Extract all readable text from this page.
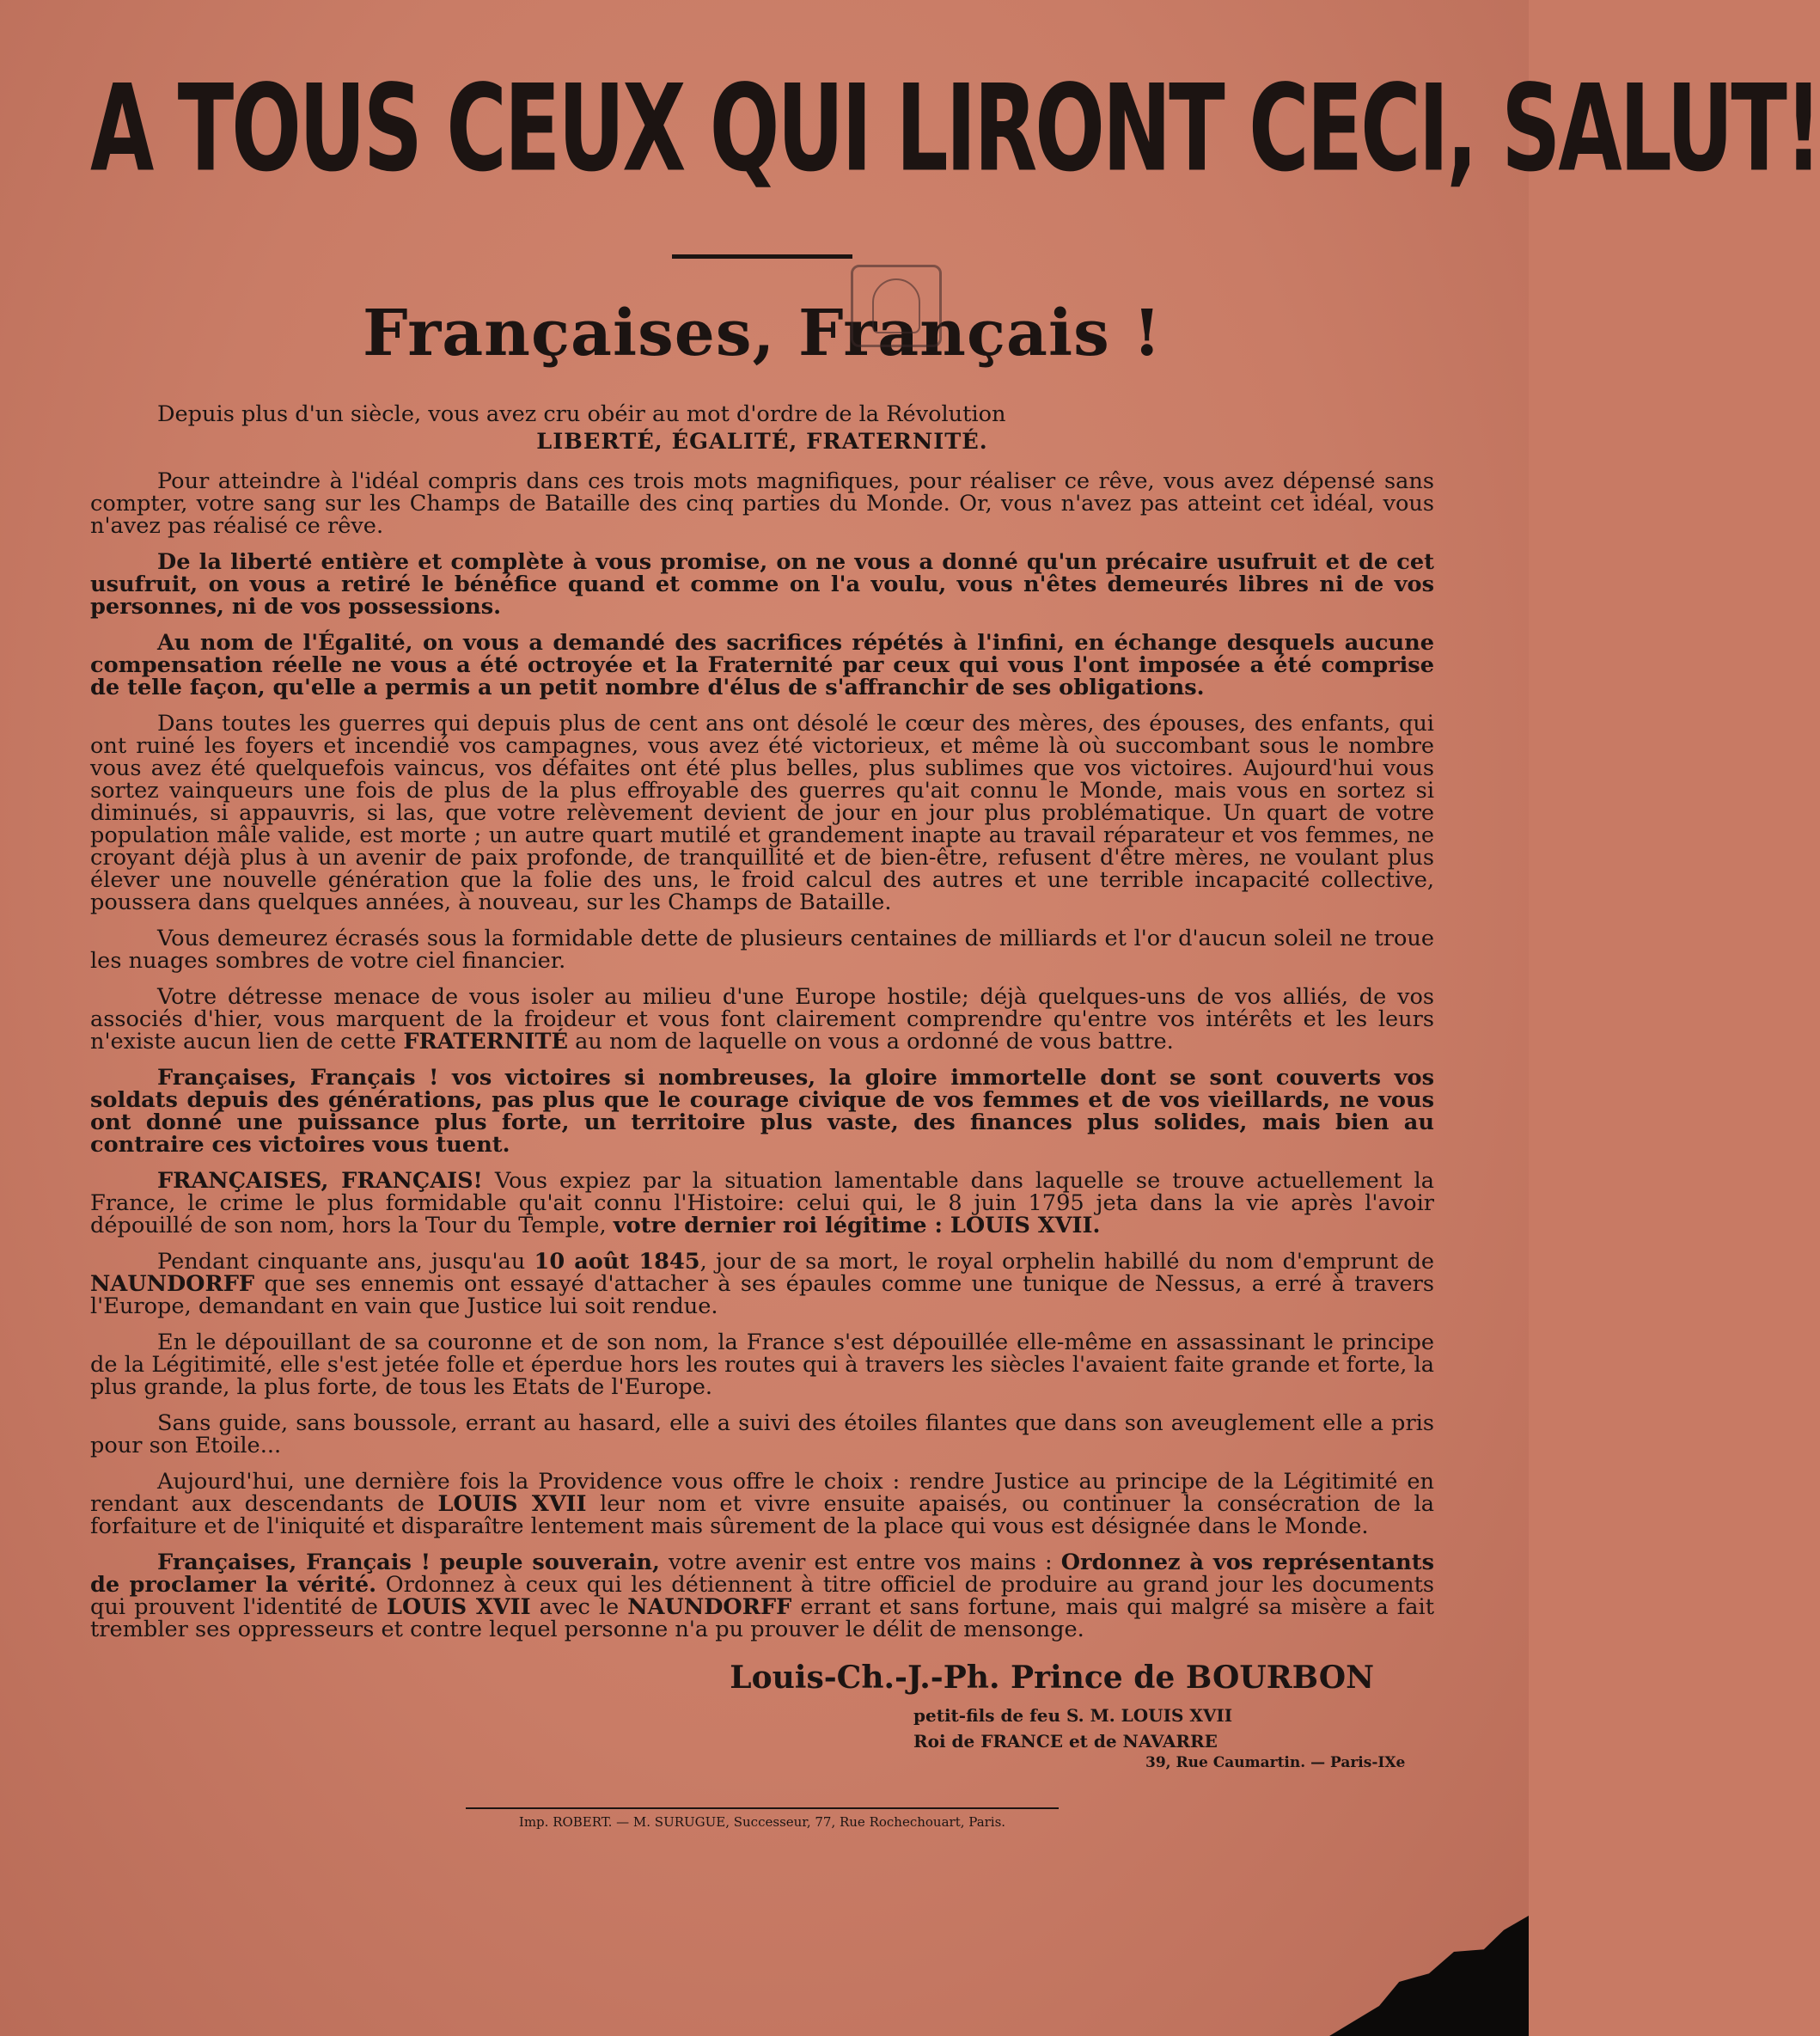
A TOUS CEUX QUI LIRONT CECI, SALUT!
Françaises, Français !

Depuis plus d'un siècle, vous avez cru obéir au mot d'ordre de la Révolution

LIBERTÉ, ÉGALITÉ, FRATERNITÉ.

Pour atteindre à l'idéal compris dans ces trois mots magnifiques, pour réaliser ce rêve, vous avez dépensé sans compter, votre sang sur les Champs de Bataille des cinq parties du Monde. Or, vous n'avez pas atteint cet idéal, vous n'avez pas réalisé ce rêve.

De la liberté entière et complète à vous promise, on ne vous a donné qu'un précaire usufruit et de cet usufruit, on vous a retiré le bénéfice quand et comme on l'a voulu, vous n'êtes demeurés libres ni de vos personnes, ni de vos possessions.

Au nom de l'Égalité, on vous a demandé des sacrifices répétés à l'infini, en échange desquels aucune compensation réelle ne vous a été octroyée et la Fraternité par ceux qui vous l'ont imposée a été comprise de telle façon, qu'elle a permis a un petit nombre d'élus de s'affranchir de ses obligations.

Dans toutes les guerres qui depuis plus de cent ans ont désolé le cœur des mères, des épouses, des enfants, qui ont ruiné les foyers et incendié vos campagnes, vous avez été victorieux, et même là où succombant sous le nombre vous avez été quelquefois vaincus, vos défaites ont été plus belles, plus sublimes que vos victoires. Aujourd'hui vous sortez vainqueurs une fois de plus de la plus effroyable des guerres qu'ait connu le Monde, mais vous en sortez si diminués, si appauvris, si las, que votre relèvement devient de jour en jour plus problématique. Un quart de votre population mâle valide, est morte ; un autre quart mutilé et grandement inapte au travail réparateur et vos femmes, ne croyant déjà plus à un avenir de paix profonde, de tranquillité et de bien-être, refusent d'être mères, ne voulant plus élever une nouvelle génération que la folie des uns, le froid calcul des autres et une terrible incapacité collective, poussera dans quelques années, à nouveau, sur les Champs de Bataille.

Vous demeurez écrasés sous la formidable dette de plusieurs centaines de milliards et l'or d'aucun soleil ne troue les nuages sombres de votre ciel financier.

Votre détresse menace de vous isoler au milieu d'une Europe hostile; déjà quelques-uns de vos alliés, de vos associés d'hier, vous marquent de la froideur et vous font clairement comprendre qu'entre vos intérêts et les leurs n'existe aucun lien de cette FRATERNITÉ au nom de laquelle on vous a ordonné de vous battre.

Françaises, Français ! vos victoires si nombreuses, la gloire immortelle dont se sont couverts vos soldats depuis des générations, pas plus que le courage civique de vos femmes et de vos vieillards, ne vous ont donné une puissance plus forte, un territoire plus vaste, des finances plus solides, mais bien au contraire ces victoires vous tuent.

FRANÇAISES, FRANÇAIS! Vous expiez par la situation lamentable dans laquelle se trouve actuellement la France, le crime le plus formidable qu'ait connu l'Histoire: celui qui, le 8 juin 1795 jeta dans la vie après l'avoir dépouillé de son nom, hors la Tour du Temple, votre dernier roi légitime : LOUIS XVII.

Pendant cinquante ans, jusqu'au 10 août 1845, jour de sa mort, le royal orphelin habillé du nom d'emprunt de NAUNDORFF que ses ennemis ont essayé d'attacher à ses épaules comme une tunique de Nessus, a erré à travers l'Europe, demandant en vain que Justice lui soit rendue.

En le dépouillant de sa couronne et de son nom, la France s'est dépouillée elle-même en assassinant le principe de la Légitimité, elle s'est jetée folle et éperdue hors les routes qui à travers les siècles l'avaient faite grande et forte, la plus grande, la plus forte, de tous les Etats de l'Europe.

Sans guide, sans boussole, errant au hasard, elle a suivi des étoiles filantes que dans son aveuglement elle a pris pour son Etoile...

Aujourd'hui, une dernière fois la Providence vous offre le choix : rendre Justice au principe de la Légitimité en rendant aux descendants de LOUIS XVII leur nom et vivre ensuite apaisés, ou continuer la consécration de la forfaiture et de l'iniquité et disparaître lentement mais sûrement de la place qui vous est désignée dans le Monde.

Françaises, Français ! peuple souverain, votre avenir est entre vos mains : Ordonnez à vos représentants de proclamer la vérité. Ordonnez à ceux qui les détiennent à titre officiel de produire au grand jour les documents qui prouvent l'identité de LOUIS XVII avec le NAUNDORFF errant et sans fortune, mais qui malgré sa misère a fait trembler ses oppresseurs et contre lequel personne n'a pu prouver le délit de mensonge.

Louis-Ch.-J.-Ph. Prince de BOURBON
petit-fils de feu S. M. LOUIS XVII
Roi de FRANCE et de NAVARRE
39, Rue Caumartin. — Paris-IXe
Imp. ROBERT. — M. SURUGUE, Successeur, 77, Rue Rochechouart, Paris.
